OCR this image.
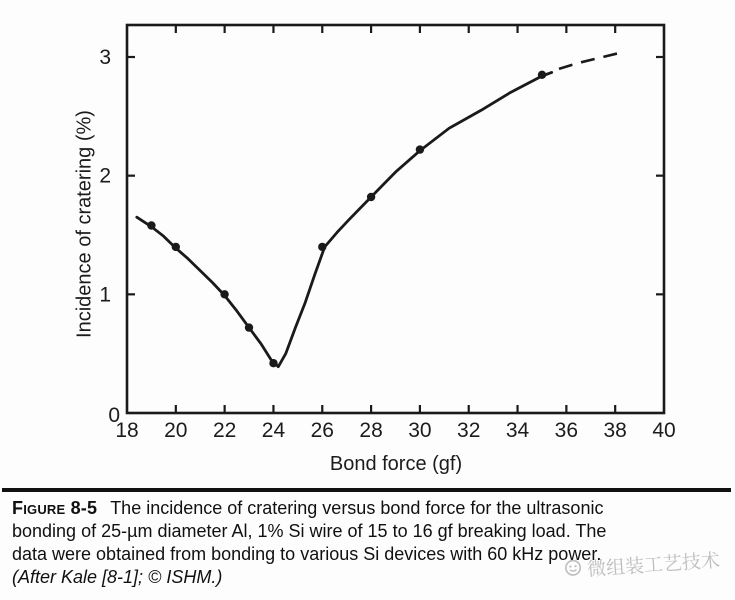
18 20 22 24 26 28 30 32 34 36 38 40
0
1
2
3
Incidence of cratering (%)
Bond force (gf)
Figure 8-5 The incidence of cratering versus bond force for the ultrasonic
bonding of 25-µm diameter Al, 1% Si wire of 15 to 16 gf breaking load. The
data were obtained from bonding to various Si devices with 60 kHz power.
(After Kale [8-1]; © ISHM.)	微组装工艺技术
